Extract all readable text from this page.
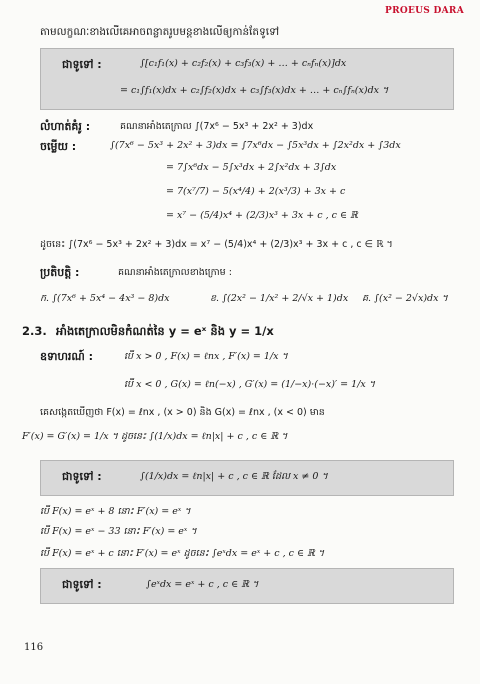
PROEUS DARA
តាមលក្ខណៈខាងលើគេអាចពន្លាតរូបមន្តខាងលើឲ្យកាន់តែទូទៅ
ជាទូទៅ :	∫[c₁f₁(x) + c₂f₂(x) + c₃f₃(x) + … + cₙfₙ(x)]dx
= c₁∫f₁(x)dx + c₂∫f₂(x)dx + c₃∫f₃(x)dx + … + cₙ∫fₙ(x)dx ។
លំហាត់គំរូ :	គណនាអាំងតេក្រាល ∫(7x⁶ − 5x³ + 2x² + 3)dx
ចម្លើយ :	∫(7x⁶ − 5x³ + 2x² + 3)dx = ∫7x⁶dx − ∫5x³dx + ∫2x²dx + ∫3dx
= 7∫x⁶dx − 5∫x³dx + 2∫x²dx + 3∫dx
= 7(x⁷/7) − 5(x⁴/4) + 2(x³/3) + 3x + c
= x⁷ − (5/4)x⁴ + (2/3)x³ + 3x + c , c ∈ ℝ
ដូចនេះ ∫(7x⁶ − 5x³ + 2x² + 3)dx = x⁷ − (5/4)x⁴ + (2/3)x³ + 3x + c , c ∈ ℝ ។
ប្រតិបត្តិ :	គណនាអាំងតេក្រាលខាងក្រោម :
ក. ∫(7x⁶ + 5x⁴ − 4x³ − 8)dx	ខ. ∫(2x² − 1/x² + 2/√x + 1)dx គ. ∫(x² − 2√x)dx ។
2.3. អាំងតេក្រាលមិនកំណត់នៃ y = eˣ និង y = 1/x
ឧទាហរណ៍ :	បើ x > 0 , F(x) = ℓnx , F′(x) = 1/x ។
បើ x < 0 , G(x) = ℓn(−x) , G′(x) = (1/−x)·(−x)′ = 1/x ។
គេសង្កេតឃើញថា F(x) = ℓnx , (x > 0) និង G(x) = ℓnx , (x < 0) មាន
F′(x) = G′(x) = 1/x ។ ដូចនេះ ∫(1/x)dx = ℓn|x| + c , c ∈ ℝ ។
ជាទូទៅ :	∫(1/x)dx = ℓn|x| + c , c ∈ ℝ ដែល x ≠ 0 ។
បើ F(x) = eˣ + 8 នោះ F′(x) = eˣ ។
បើ F(x) = eˣ − 33 នោះ F′(x) = eˣ ។
បើ F(x) = eˣ + c នោះ F′(x) = eˣ ដូចនេះ ∫eˣdx = eˣ + c , c ∈ ℝ ។
ជាទូទៅ :	∫eˣdx = eˣ + c , c ∈ ℝ ។
116
